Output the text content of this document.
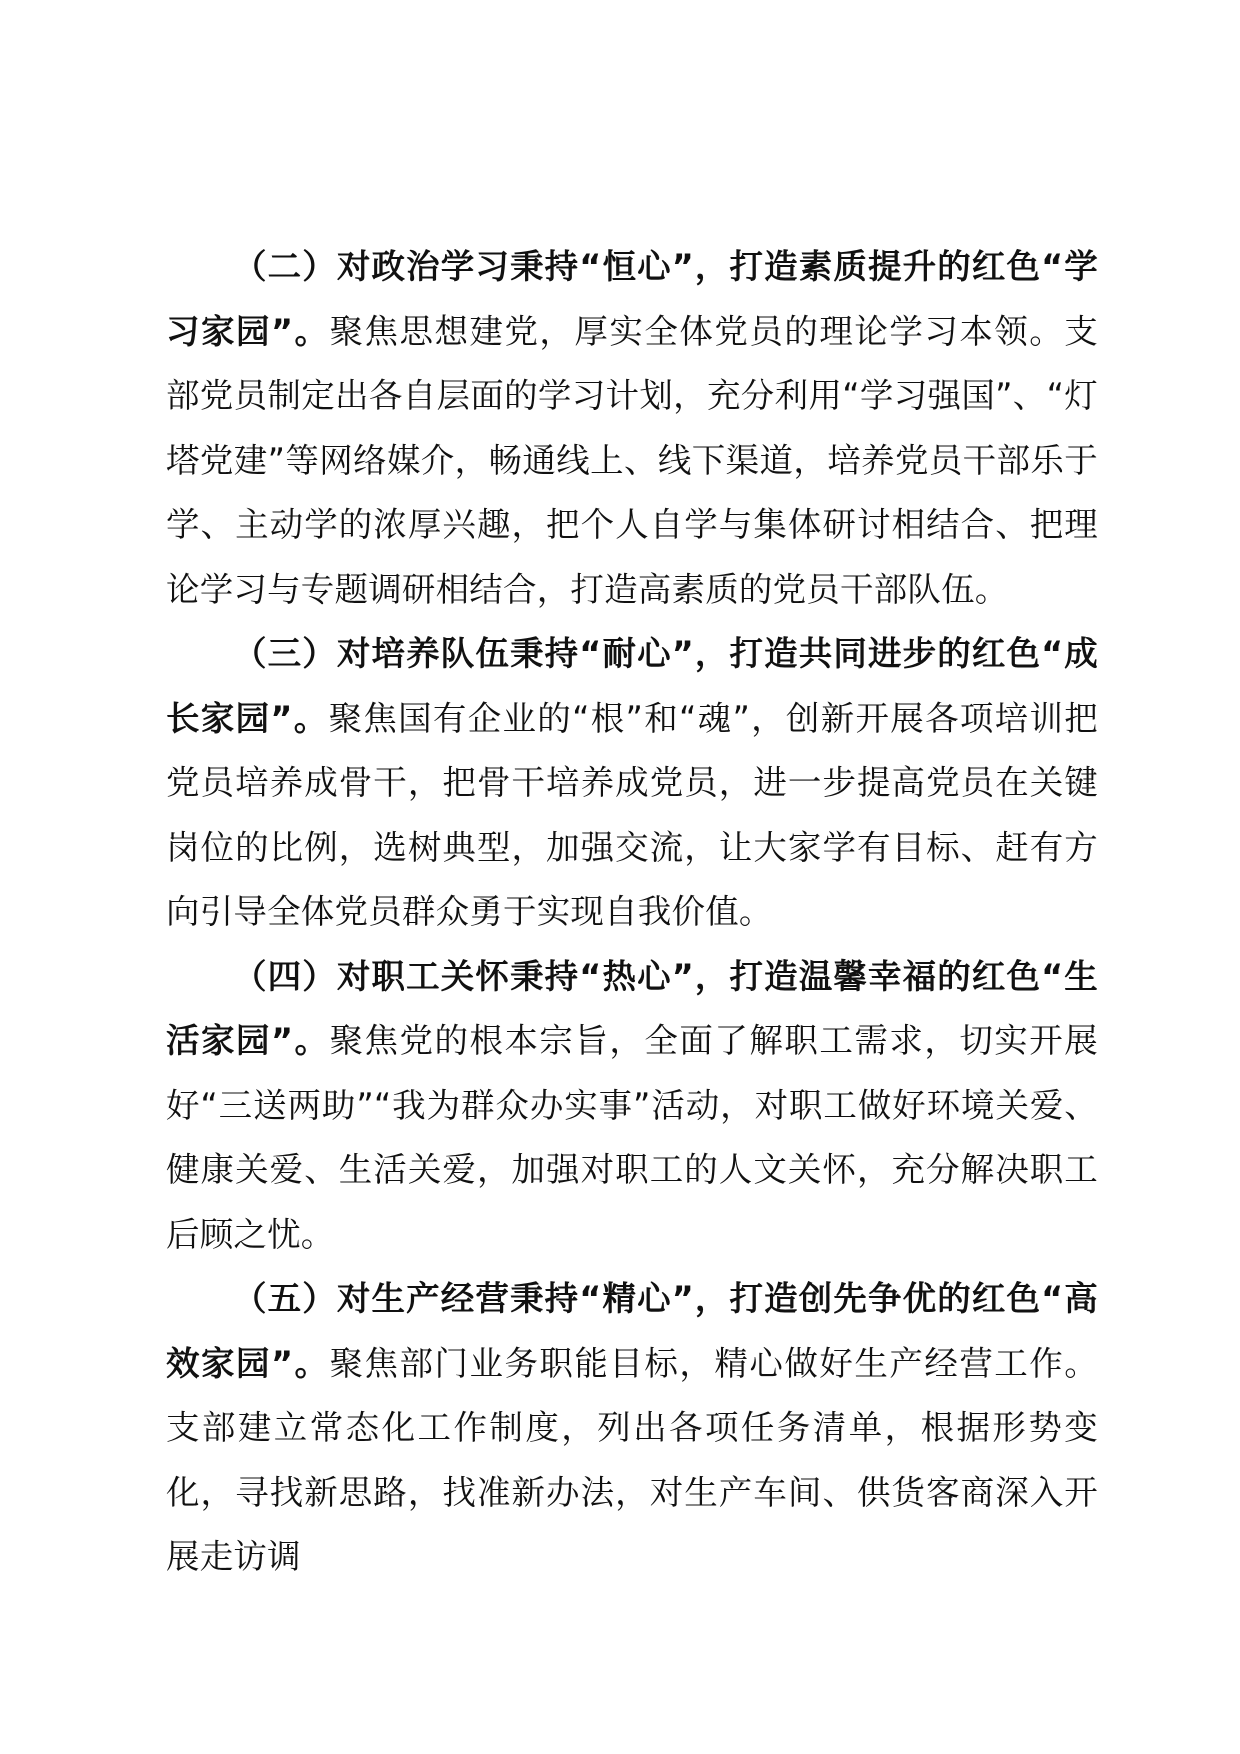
（二）对政治学习秉持“恒心”，打造素质提升的红色“学习家园”。聚焦思想建党，厚实全体党员的理论学习本领。支部党员制定出各自层面的学习计划，充分利用“学习强国”、“灯塔党建”等网络媒介，畅通线上、线下渠道，培养党员干部乐于学、主动学的浓厚兴趣，把个人自学与集体研讨相结合、把理论学习与专题调研相结合，打造高素质的党员干部队伍。

（三）对培养队伍秉持“耐心”，打造共同进步的红色“成长家园”。聚焦国有企业的“根”和“魂”，创新开展各项培训把党员培养成骨干，把骨干培养成党员，进一步提高党员在关键岗位的比例，选树典型，加强交流，让大家学有目标、赶有方向引导全体党员群众勇于实现自我价值。

（四）对职工关怀秉持“热心”，打造温馨幸福的红色“生活家园”。聚焦党的根本宗旨，全面了解职工需求，切实开展好“三送两助”“我为群众办实事”活动，对职工做好环境关爱、健康关爱、生活关爱，加强对职工的人文关怀，充分解决职工后顾之忧。

（五）对生产经营秉持“精心”，打造创先争优的红色“高效家园”。聚焦部门业务职能目标，精心做好生产经营工作。支部建立常态化工作制度，列出各项任务清单，根据形势变化，寻找新思路，找准新办法，对生产车间、供货客商深入开展走访调
